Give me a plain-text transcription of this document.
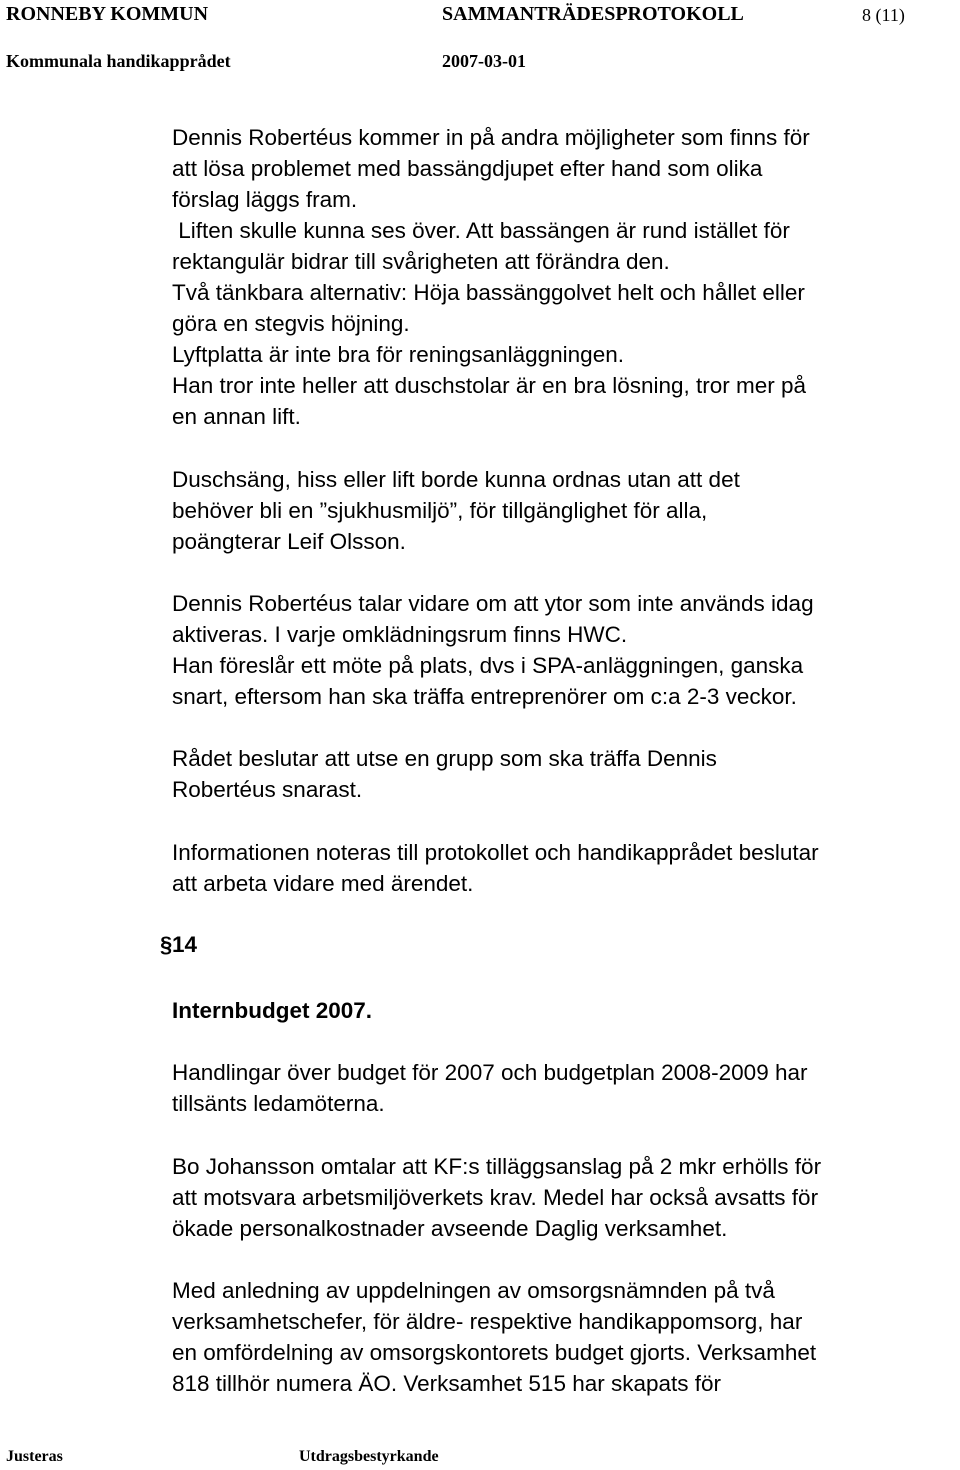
RONNEBY KOMMUN	SAMMANTRÄDESPROTOKOLL	8 (11)
Kommunala handikapprådet	2007-03-01
Dennis Robertéus kommer in på andra möjligheter som finns för
att lösa problemet med bassängdjupet efter hand som olika
förslag läggs fram.
Liften skulle kunna ses över. Att bassängen är rund istället för
rektangulär bidrar till svårigheten att förändra den.
Två tänkbara alternativ: Höja bassänggolvet helt och hållet eller
göra en stegvis höjning.
Lyftplatta är inte bra för reningsanläggningen.
Han tror inte heller att duschstolar är en bra lösning, tror mer på
en annan lift.
Duschsäng, hiss eller lift borde kunna ordnas utan att det
behöver bli en ”sjukhusmiljö”, för tillgänglighet för alla,
poängterar Leif Olsson.
Dennis Robertéus talar vidare om att ytor som inte används idag
aktiveras. I varje omklädningsrum finns HWC.
Han föreslår ett möte på plats, dvs i SPA-anläggningen, ganska
snart, eftersom han ska träffa entreprenörer om c:a 2-3 veckor.
Rådet beslutar att utse en grupp som ska träffa Dennis
Robertéus snarast.
Informationen noteras till protokollet och handikapprådet beslutar
att arbeta vidare med ärendet.
§ 14
Internbudget 2007.
Handlingar över budget för 2007 och budgetplan 2008-2009 har
tillsänts ledamöterna.
Bo Johansson omtalar att KF:s tilläggsanslag på 2 mkr erhölls för
att motsvara arbetsmiljöverkets krav. Medel har också avsatts för
ökade personalkostnader avseende Daglig verksamhet.
Med anledning av uppdelningen av omsorgsnämnden på två
verksamhetschefer, för äldre- respektive handikappomsorg, har
en omfördelning av omsorgskontorets budget gjorts. Verksamhet
818 tillhör numera ÄO. Verksamhet 515 har skapats för
Justeras	Utdragsbestyrkande
